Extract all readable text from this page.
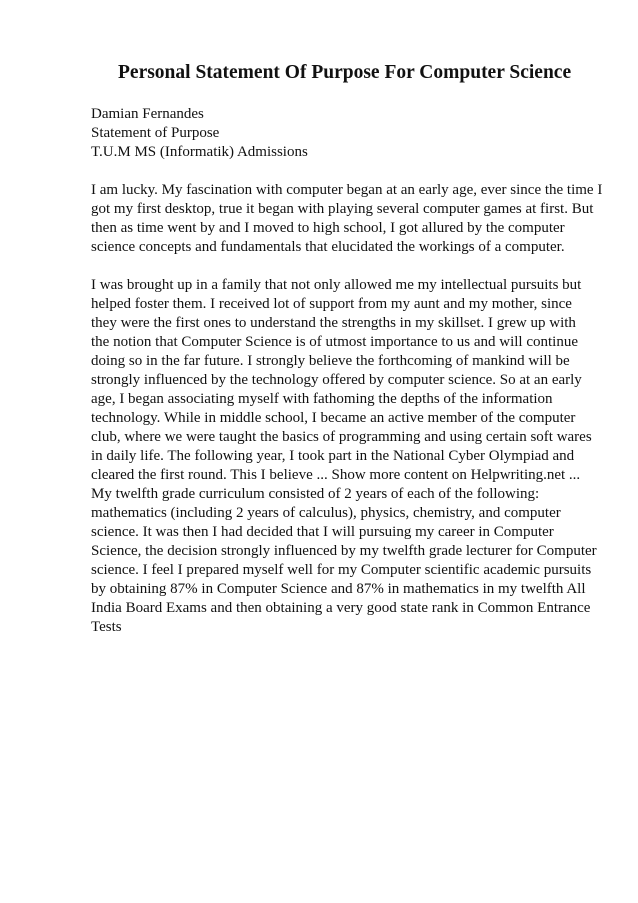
Personal Statement Of Purpose For Computer Science
Damian Fernandes
Statement of Purpose
T.U.M MS (Informatik) Admissions
I am lucky. My fascination with computer began at an early age, ever since the time I
got my first desktop, true it began with playing several computer games at first. But
then as time went by and I moved to high school, I got allured by the computer
science concepts and fundamentals that elucidated the workings of a computer.
I was brought up in a family that not only allowed me my intellectual pursuits but
helped foster them. I received lot of support from my aunt and my mother, since
they were the first ones to understand the strengths in my skillset. I grew up with
the notion that Computer Science is of utmost importance to us and will continue
doing so in the far future. I strongly believe the forthcoming of mankind will be
strongly influenced by the technology offered by computer science. So at an early
age, I began associating myself with fathoming the depths of the information
technology. While in middle school, I became an active member of the computer
club, where we were taught the basics of programming and using certain soft wares
in daily life. The following year, I took part in the National Cyber Olympiad and
cleared the first round. This I believe ... Show more content on Helpwriting.net ...
My twelfth grade curriculum consisted of 2 years of each of the following:
mathematics (including 2 years of calculus), physics, chemistry, and computer
science. It was then I had decided that I will pursuing my career in Computer
Science, the decision strongly influenced by my twelfth grade lecturer for Computer
science. I feel I prepared myself well for my Computer scientific academic pursuits
by obtaining 87% in Computer Science and 87% in mathematics in my twelfth All
India Board Exams and then obtaining a very good state rank in Common Entrance
Tests
